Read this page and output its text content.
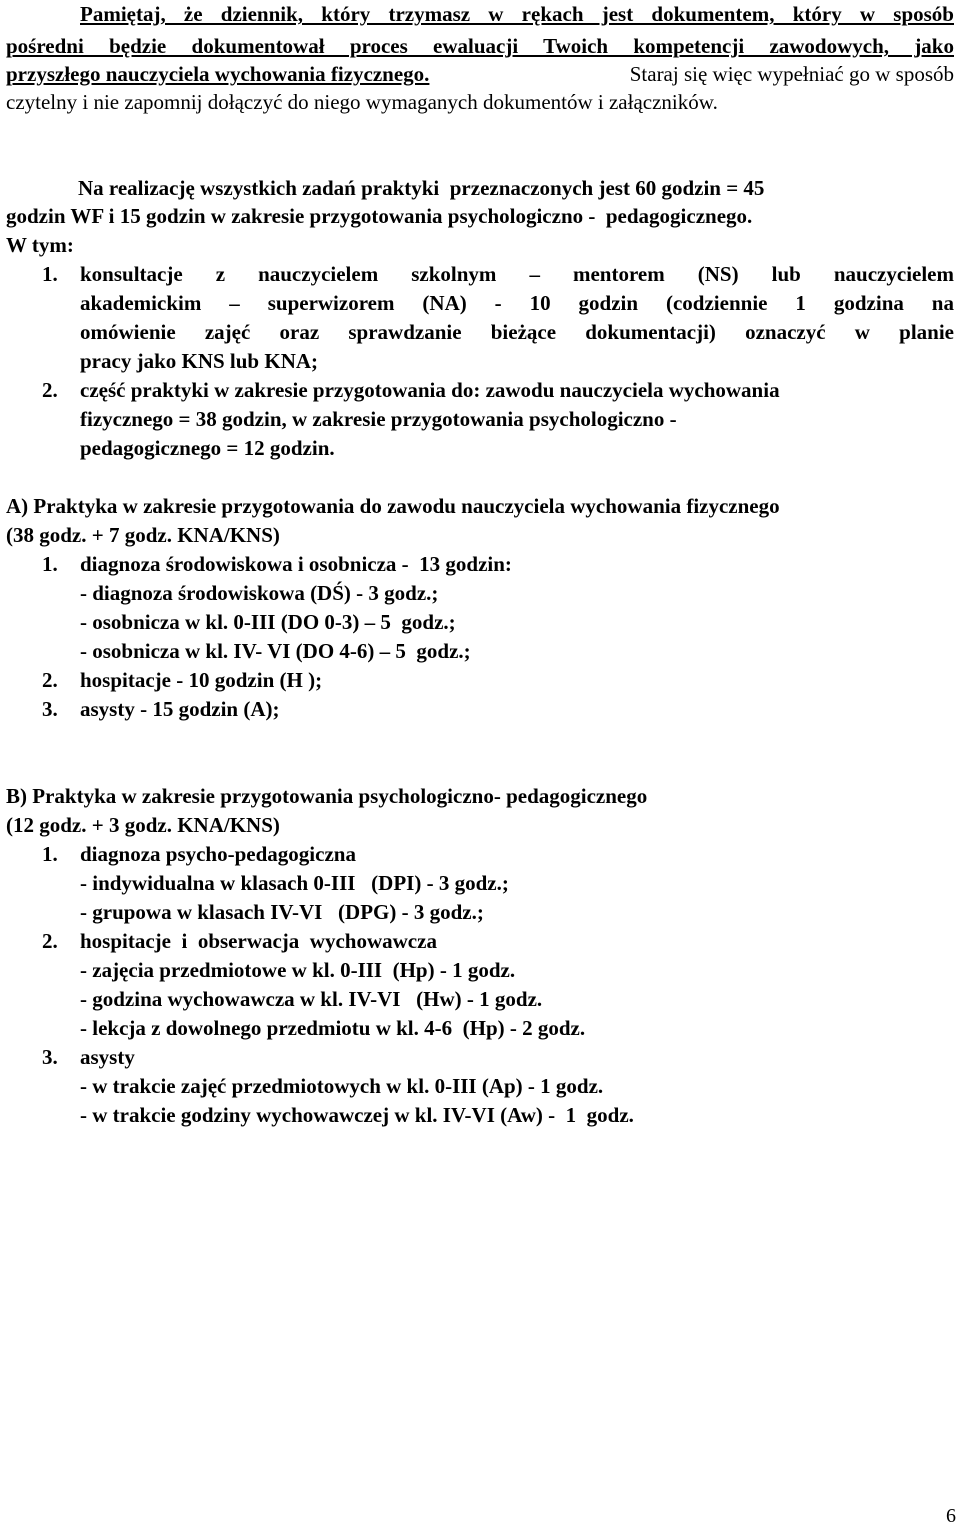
Pamiętaj, że dziennik, który trzymasz w rękach jest dokumentem, który w sposób
pośredni będzie dokumentował proces ewaluacji Twoich kompetencji zawodowych, jako
przyszłego nauczyciela wychowania fizycznego.	Staraj się więc wypełniać go w sposób
czytelny i nie zapomnij dołączyć do niego wymaganych dokumentów i załączników.
Na realizację wszystkich zadań praktyki  przeznaczonych jest 60 godzin = 45
godzin WF i 15 godzin w zakresie przygotowania psychologiczno -  pedagogicznego.
W tym:
1. konsultacje z nauczycielem szkolnym – mentorem (NS) lub nauczycielem
akademickim – superwizorem (NA) - 10 godzin (codziennie 1 godzina na
omówienie zajęć oraz sprawdzanie bieżące dokumentacji) oznaczyć w planie
pracy jako KNS lub KNA;
2. część praktyki w zakresie przygotowania do: zawodu nauczyciela wychowania
fizycznego = 38 godzin, w zakresie przygotowania psychologiczno -
pedagogicznego = 12 godzin.
A) Praktyka w zakresie przygotowania do zawodu nauczyciela wychowania fizycznego
(38 godz. + 7 godz. KNA/KNS)
1. diagnoza środowiskowa i osobnicza -  13 godzin:
- diagnoza środowiskowa (DŚ) - 3 godz.;
- osobnicza w kl. 0-III (DO 0-3) – 5  godz.;
- osobnicza w kl. IV- VI (DO 4-6) – 5  godz.;
2. hospitacje - 10 godzin (H );
3. asysty - 15 godzin (A);
B) Praktyka w zakresie przygotowania psychologiczno- pedagogicznego
(12 godz. + 3 godz. KNA/KNS)
1. diagnoza psycho-pedagogiczna
- indywidualna w klasach 0-III   (DPI) - 3 godz.;
- grupowa w klasach IV-VI   (DPG) - 3 godz.;
2. hospitacje  i  obserwacja  wychowawcza
- zajęcia przedmiotowe w kl. 0-III  (Hp) - 1 godz.
- godzina wychowawcza w kl. IV-VI   (Hw) - 1 godz.
- lekcja z dowolnego przedmiotu w kl. 4-6  (Hp) - 2 godz.
3. asysty
- w trakcie zajęć przedmiotowych w kl. 0-III (Ap) - 1 godz.
- w trakcie godziny wychowawczej w kl. IV-VI (Aw) -  1  godz.
6
